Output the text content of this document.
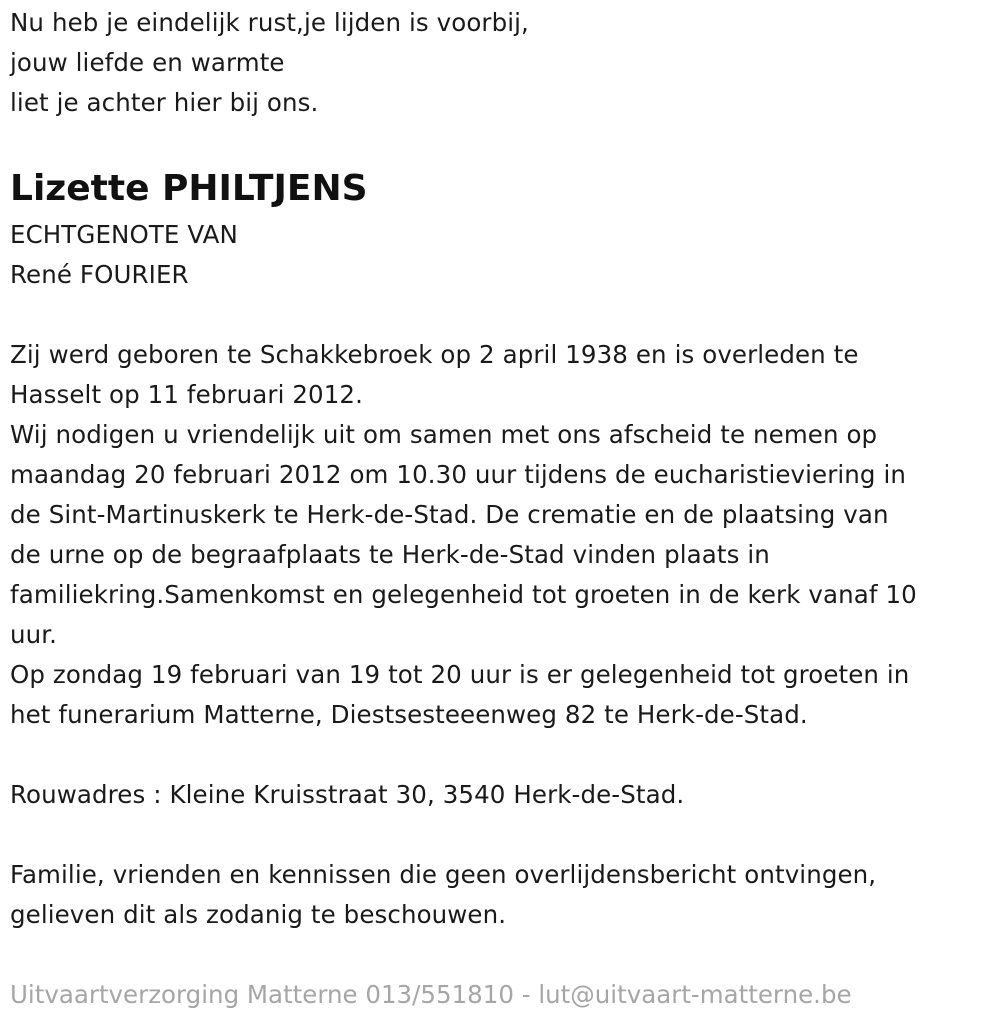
Nu heb je eindelijk rust,je lijden is voorbij,
jouw liefde en warmte
liet je achter hier bij ons.
Lizette PHILTJENS
ECHTGENOTE VAN
René FOURIER
Zij werd geboren te Schakkebroek op 2 april 1938 en is overleden te
Hasselt op 11 februari 2012.
Wij nodigen u vriendelijk uit om samen met ons afscheid te nemen op
maandag 20 februari 2012 om 10.30 uur tijdens de eucharistieviering in
de Sint-Martinuskerk te Herk-de-Stad. De crematie en de plaatsing van
de urne op de begraafplaats te Herk-de-Stad vinden plaats in
familiekring.Samenkomst en gelegenheid tot groeten in de kerk vanaf 10
uur.
Op zondag 19 februari van 19 tot 20 uur is er gelegenheid tot groeten in
het funerarium Matterne, Diestsesteeenweg 82 te Herk-de-Stad.
Rouwadres : Kleine Kruisstraat 30, 3540 Herk-de-Stad.
Familie, vrienden en kennissen die geen overlijdensbericht ontvingen,
gelieven dit als zodanig te beschouwen.
Uitvaartverzorging Matterne 013/551810 - lut@uitvaart-matterne.be
